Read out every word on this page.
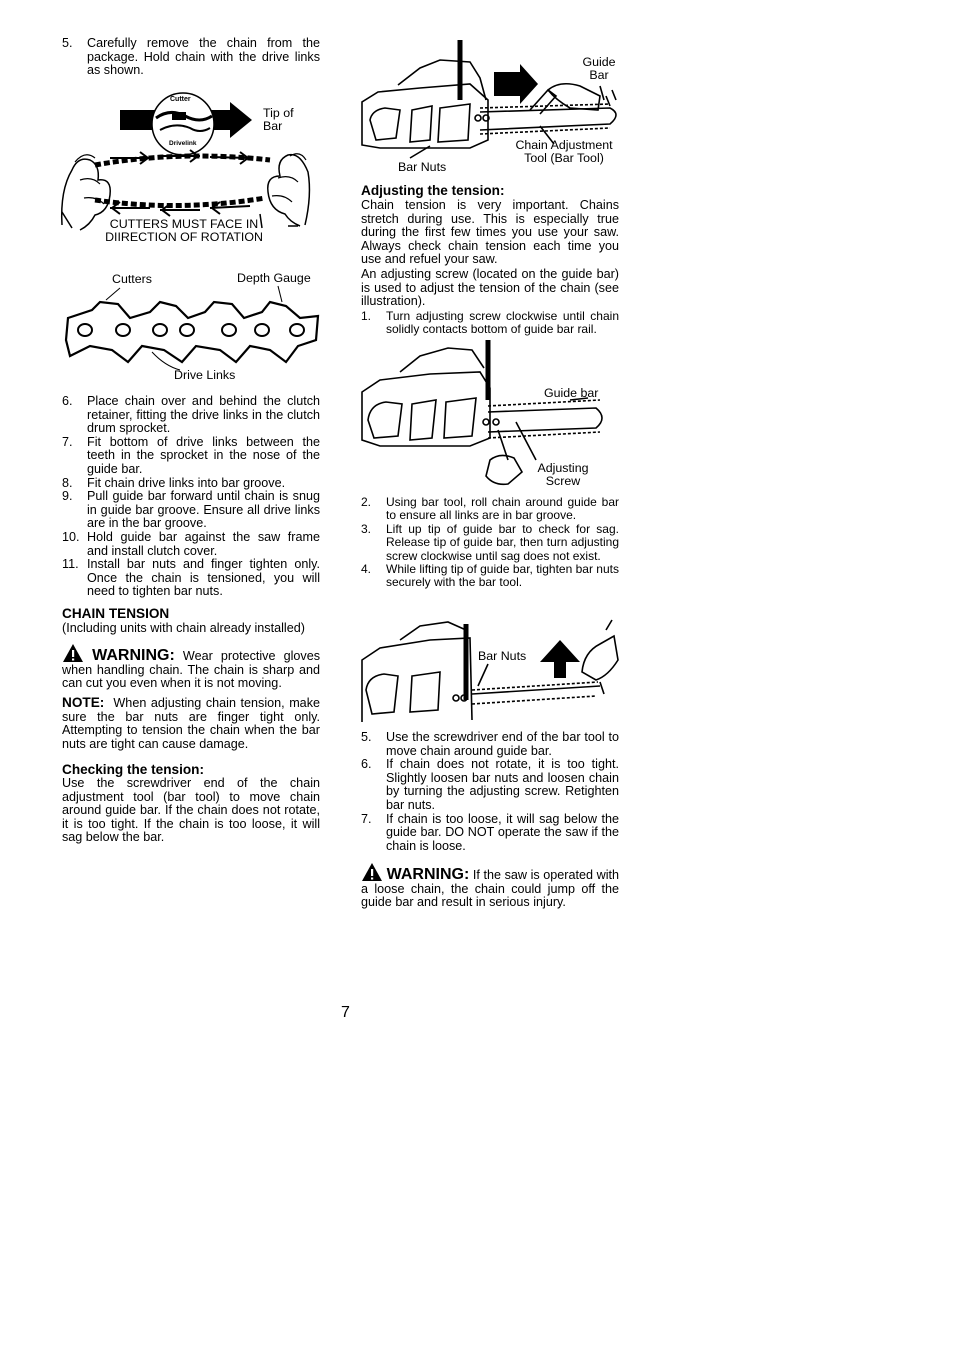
5. Carefully remove the chain from the package. Hold chain with the drive links as shown.
Cutter
Drivelink
Tip of Bar
CUTTERS MUST FACE IN DIIRECTION OF ROTATION
Cutters	Depth Gauge
Drive Links
6. Place chain over and behind the clutch retainer, fitting the drive links in the clutch drum sprocket.
7. Fit bottom of drive links between the teeth in the sprocket in the nose of the guide bar.
8. Fit chain drive links into bar groove.
9. Pull guide bar forward until chain is snug in guide bar groove. Ensure all drive links are in the bar groove.
10. Hold guide bar against the saw frame and install clutch cover.
11. Install bar nuts and finger tighten only. Once the chain is tensioned, you will need to tighten bar nuts.
CHAIN TENSION
(Including units with chain already installed)
WARNING: Wear protective gloves when handling chain. The chain is sharp and can cut you even when it is not moving.
NOTE: When adjusting chain tension, make sure the bar nuts are finger tight only. Attempting to tension the chain when the bar nuts are tight can cause damage.
Checking the tension:
Use the screwdriver end of the chain adjustment tool (bar tool) to move chain around guide bar. If the chain does not rotate, it is too tight. If the chain is too loose, it will sag below the bar.
Guide Bar
Bar Nuts
Chain Adjustment Tool (Bar Tool)
Adjusting the tension:
Chain tension is very important. Chains stretch during use. This is especially true during the first few times you use your saw. Always check chain tension each time you use and refuel your saw.
An adjusting screw (located on the guide bar) is used to adjust the tension of the chain (see illustration).
1. Turn adjusting screw clockwise until chain solidly contacts bottom of guide bar rail.
Guide bar
Adjusting Screw
2. Using bar tool, roll chain around guide bar to ensure all links are in bar groove.
3. Lift up tip of guide bar to check for sag. Release tip of guide bar, then turn adjusting screw clockwise until sag does not exist.
4. While lifting tip of guide bar, tighten bar nuts securely with the bar tool.
Bar Nuts
5. Use the screwdriver end of the bar tool to move chain around guide bar.
6. If chain does not rotate, it is too tight. Slightly loosen bar nuts and loosen chain by turning the adjusting screw. Retighten bar nuts.
7. If chain is too loose, it will sag below the guide bar. DO NOT operate the saw if the chain is loose.
WARNING: If the saw is operated with a loose chain, the chain could jump off the guide bar and result in serious injury.
7
